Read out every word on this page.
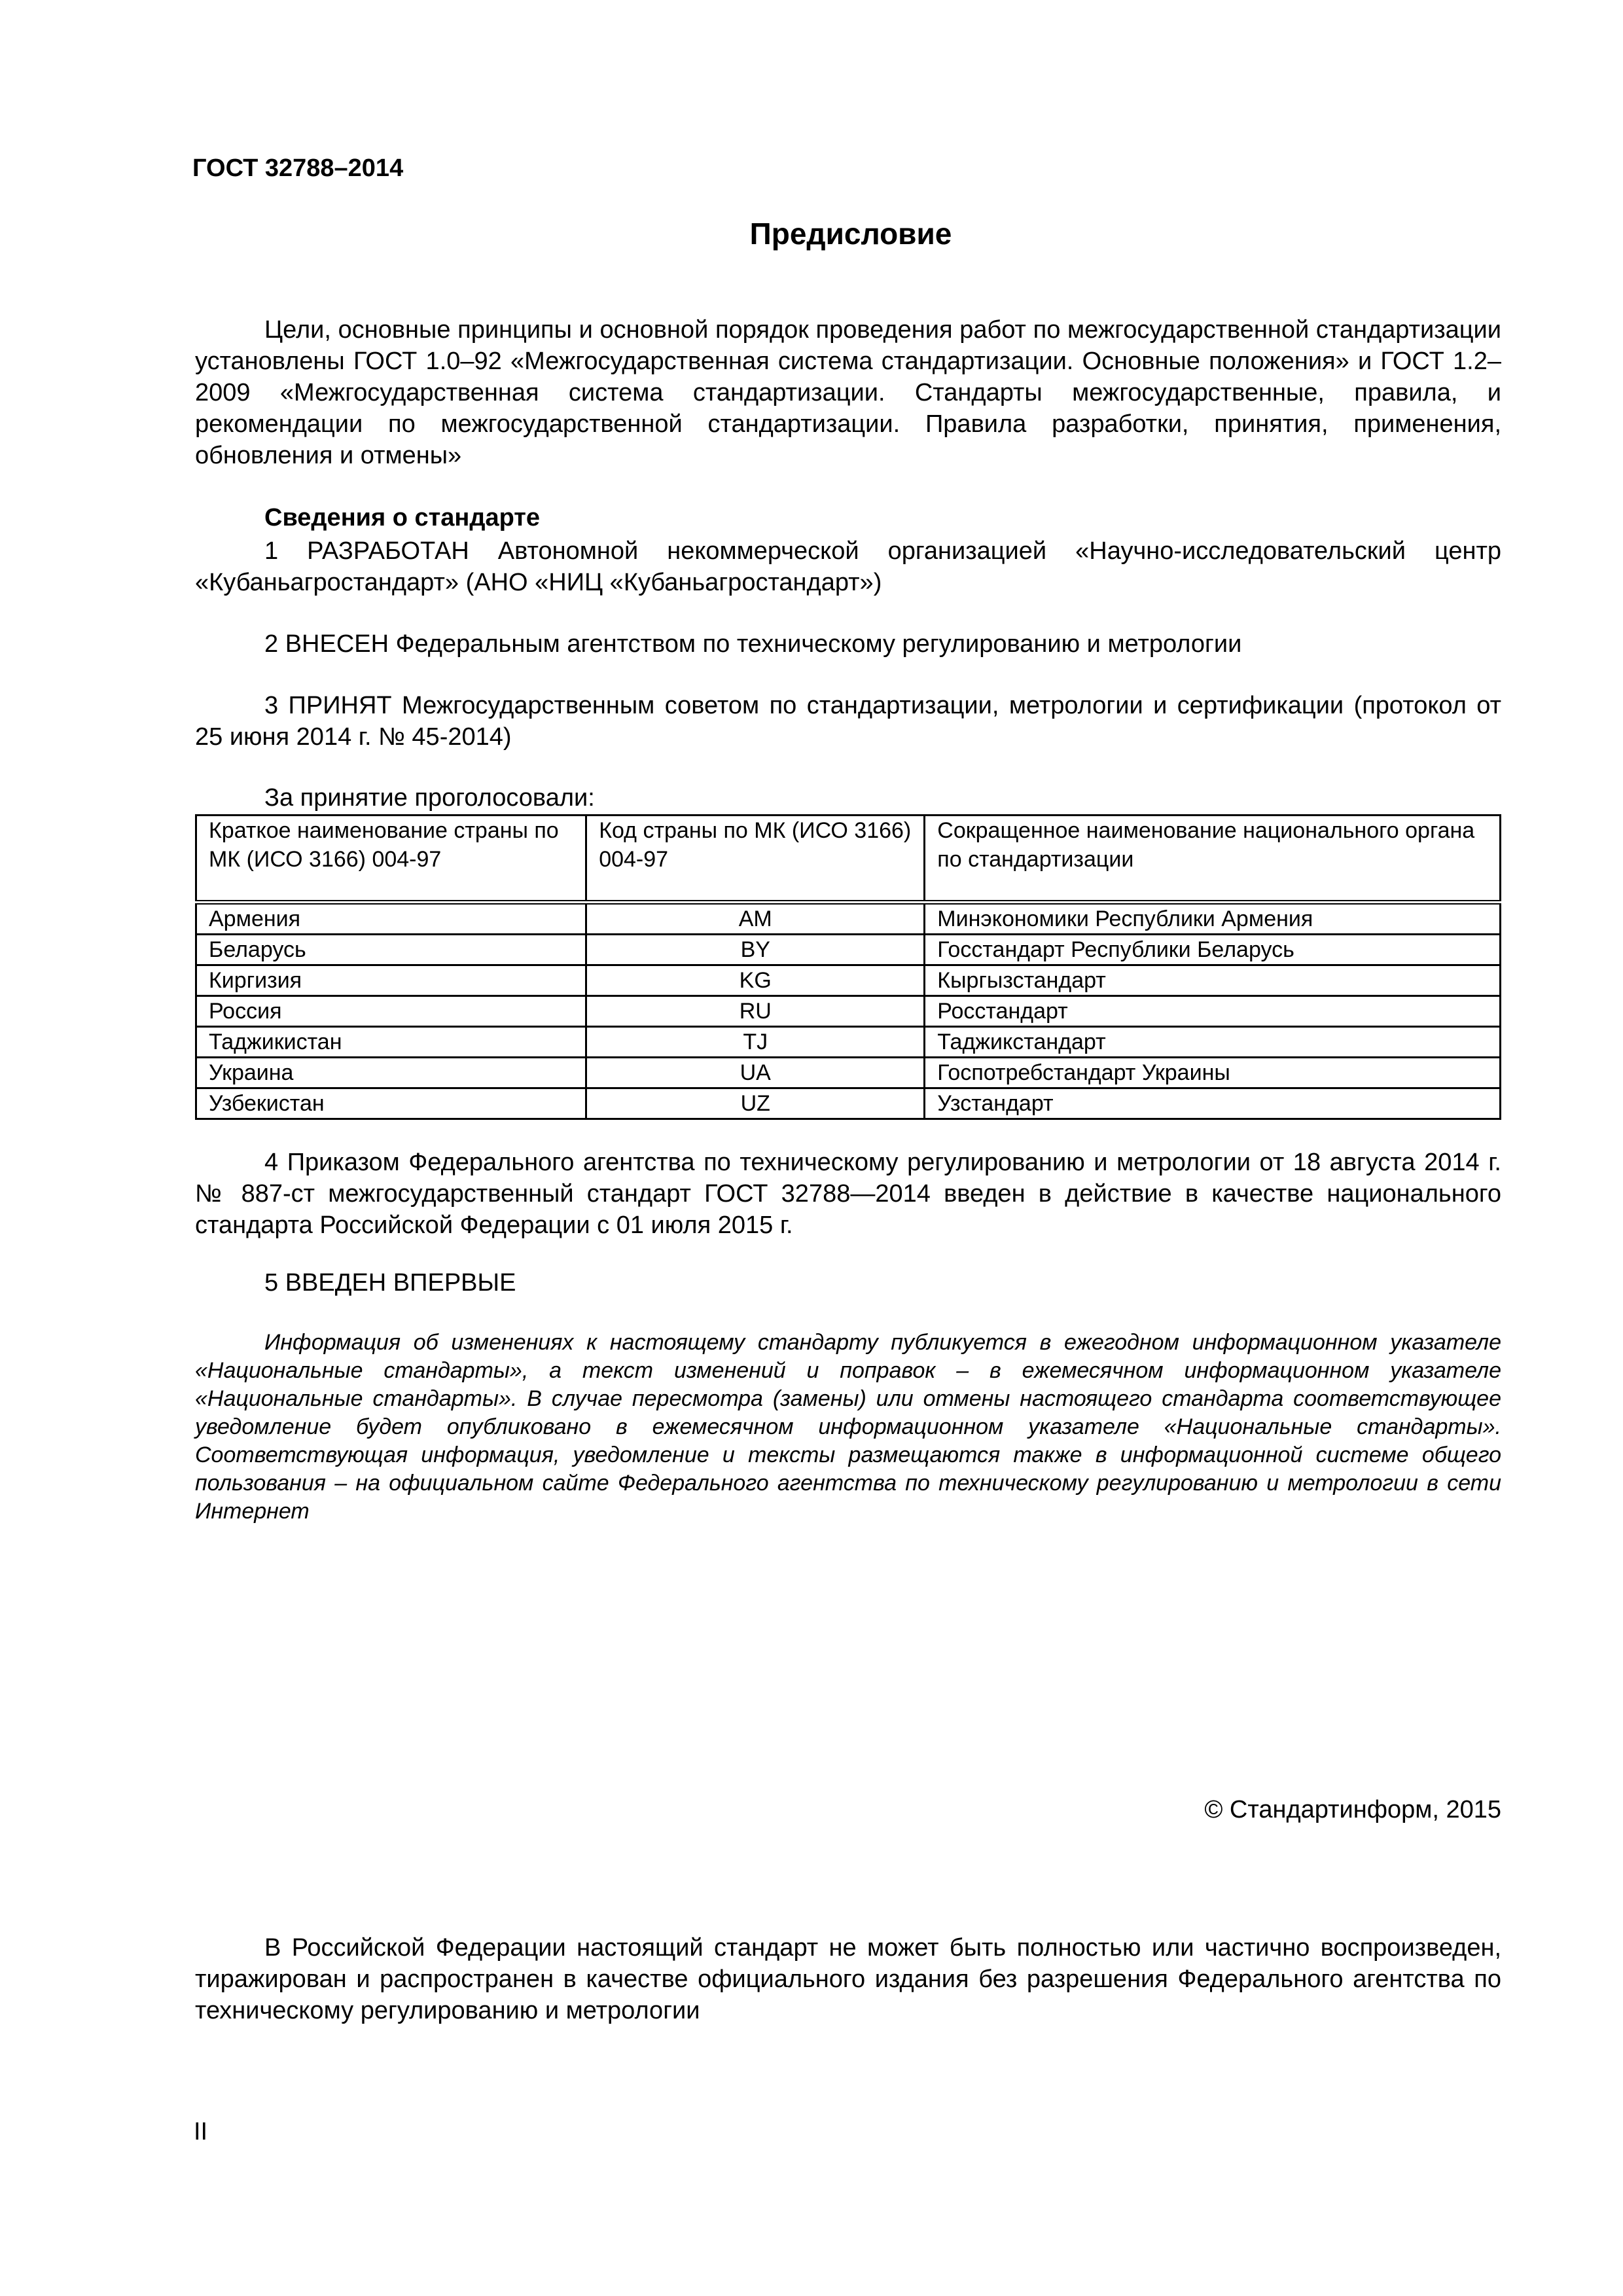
ГОСТ 32788–2014
Предисловие

Цели, основные принципы и основной порядок проведения работ по межгосударственной стандартизации установлены ГОСТ 1.0–92 «Межгосударственная система стандартизации. Основные положения» и ГОСТ 1.2–2009 «Межгосударственная система стандартизации. Стандарты межгосударственные, правила, и рекомендации по межгосударственной стандартизации. Правила разработки, принятия, применения, обновления и отмены»

Сведения о стандарте

1 РАЗРАБОТАН Автономной некоммерческой организацией «Научно-исследовательский центр «Кубаньагростандарт» (АНО «НИЦ «Кубаньагростандарт»)

2 ВНЕСЕН Федеральным агентством по техническому регулированию и метрологии

3 ПРИНЯТ Межгосударственным советом по стандартизации, метрологии и сертификации (протокол от 25 июня 2014 г. № 45-2014)

За принятие проголосовали:
Краткое наименование страны по МК (ИСО 3166) 004-97	Код страны по МК (ИСО 3166) 004-97	Сокращенное наименование национального органа по стандартизации
Армения	AM	Минэкономики Республики Армения
Беларусь	BY	Госстандарт Республики Беларусь
Киргизия	KG	Кыргызстандарт
Россия	RU	Росстандарт
Таджикистан	TJ	Таджикстандарт
Украина	UA	Госпотребстандарт Украины
Узбекистан	UZ	Узстандарт

4 Приказом Федерального агентства по техническому регулированию и метрологии от 18 августа 2014 г. № 887-ст межгосударственный стандарт ГОСТ 32788—2014 введен в действие в качестве национального стандарта Российской Федерации с 01 июля 2015 г.

5 ВВЕДЕН ВПЕРВЫЕ

Информация об изменениях к настоящему стандарту публикуется в ежегодном информационном указателе «Национальные стандарты», а текст изменений и поправок – в ежемесячном информационном указателе «Национальные стандарты». В случае пересмотра (замены) или отмены настоящего стандарта соответствующее уведомление будет опубликовано в ежемесячном информационном указателе «Национальные стандарты». Соответствующая информация, уведомление и тексты размещаются также в информационной системе общего пользования – на официальном сайте Федерального агентства по техническому регулированию и метрологии в сети Интернет

© Стандартинформ, 2015

В Российской Федерации настоящий стандарт не может быть полностью или частично воспроизведен, тиражирован и распространен в качестве официального издания без разрешения Федерального агентства по техническому регулированию и метрологии

II
